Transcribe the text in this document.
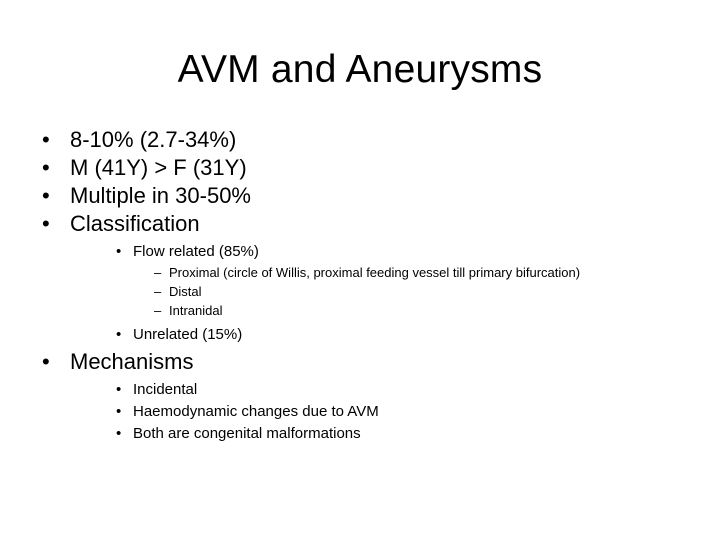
AVM and Aneurysms
• 8-10% (2.7-34%)
• M (41Y) > F (31Y)
• Multiple in 30-50%
• Classification
• Flow related (85%)
– Proximal (circle of Willis, proximal feeding vessel till primary bifurcation)
– Distal
– Intranidal
• Unrelated (15%)
• Mechanisms
• Incidental
• Haemodynamic changes due to AVM
• Both are congenital malformations
